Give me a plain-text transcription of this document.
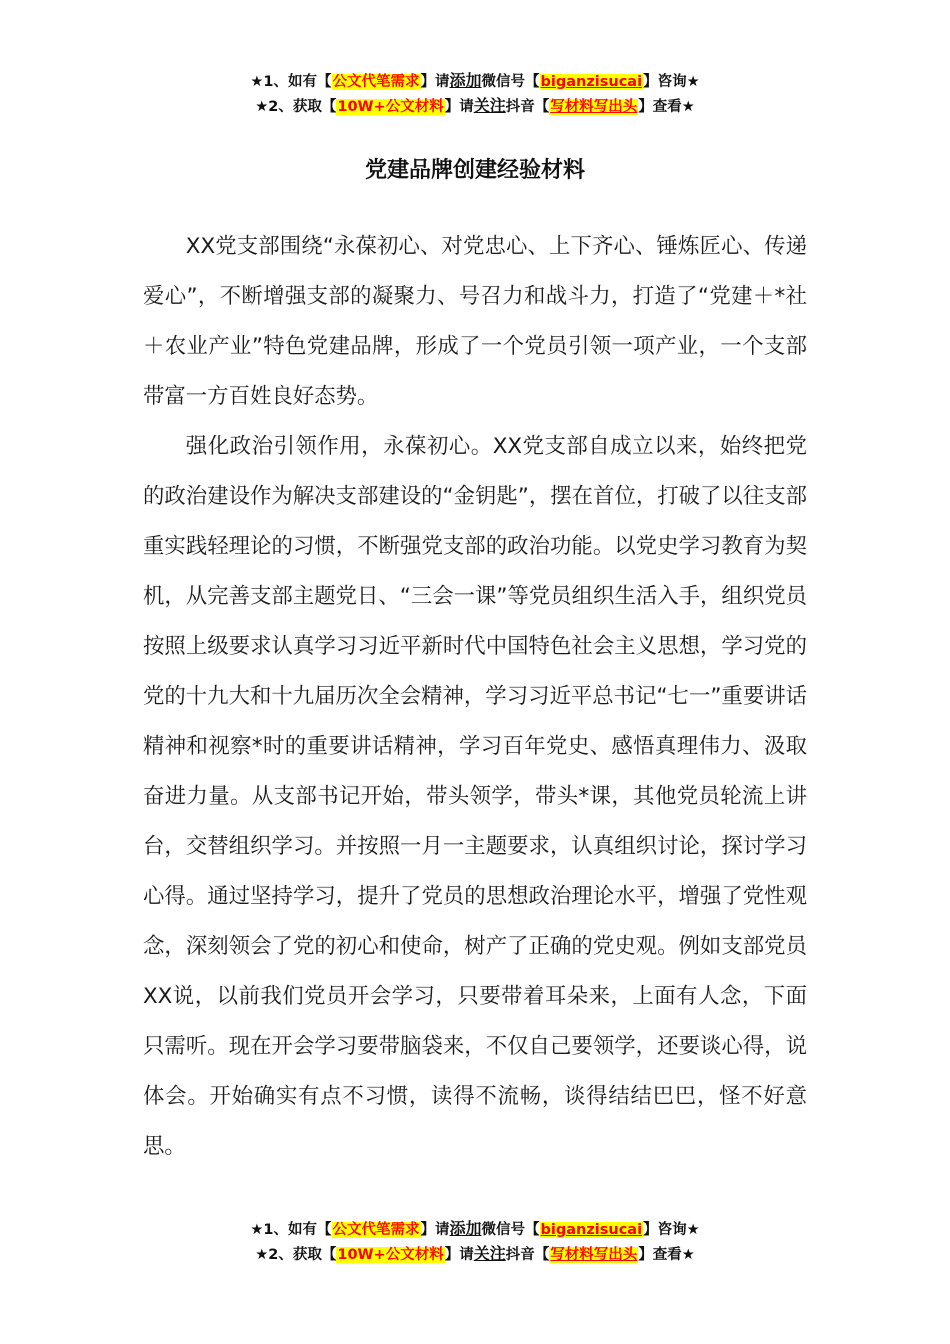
★1、如有【公文代笔需求】请添加微信号【biganzisucai】咨询★
★2、获取【10W+公文材料】请关注抖音【写材料写出头】查看★
党建品牌创建经验材料

XX党支部围绕“永葆初心、对党忠心、上下齐心、锤炼匠心、传递爱心”，不断增强支部的凝聚力、号召力和战斗力，打造了“党建＋*社＋农业产业”特色党建品牌，形成了一个党员引领一项产业，一个支部带富一方百姓良好态势。

强化政治引领作用，永葆初心。XX党支部自成立以来，始终把党的政治建设作为解决支部建设的“金钥匙”，摆在首位，打破了以往支部重实践轻理论的习惯，不断强党支部的政治功能。以党史学习教育为契机，从完善支部主题党日、“三会一课”等党员组织生活入手，组织党员按照上级要求认真学习习近平新时代中国特色社会主义思想，学习党的党的十九大和十九届历次全会精神，学习习近平总书记“七一”重要讲话精神和视察*时的重要讲话精神，学习百年党史、感悟真理伟力、汲取奋进力量。从支部书记开始，带头领学，带头*课，其他党员轮流上讲台，交替组织学习。并按照一月一主题要求，认真组织讨论，探讨学习心得。通过坚持学习，提升了党员的思想政治理论水平，增强了党性观念，深刻领会了党的初心和使命，树产了正确的党史观。例如支部党员XX说，以前我们党员开会学习，只要带着耳朵来，上面有人念，下面只需听。现在开会学习要带脑袋来，不仅自己要领学，还要谈心得，说体会。开始确实有点不习惯，读得不流畅，谈得结结巴巴，怪不好意思。

★1、如有【公文代笔需求】请添加微信号【biganzisucai】咨询★
★2、获取【10W+公文材料】请关注抖音【写材料写出头】查看★
